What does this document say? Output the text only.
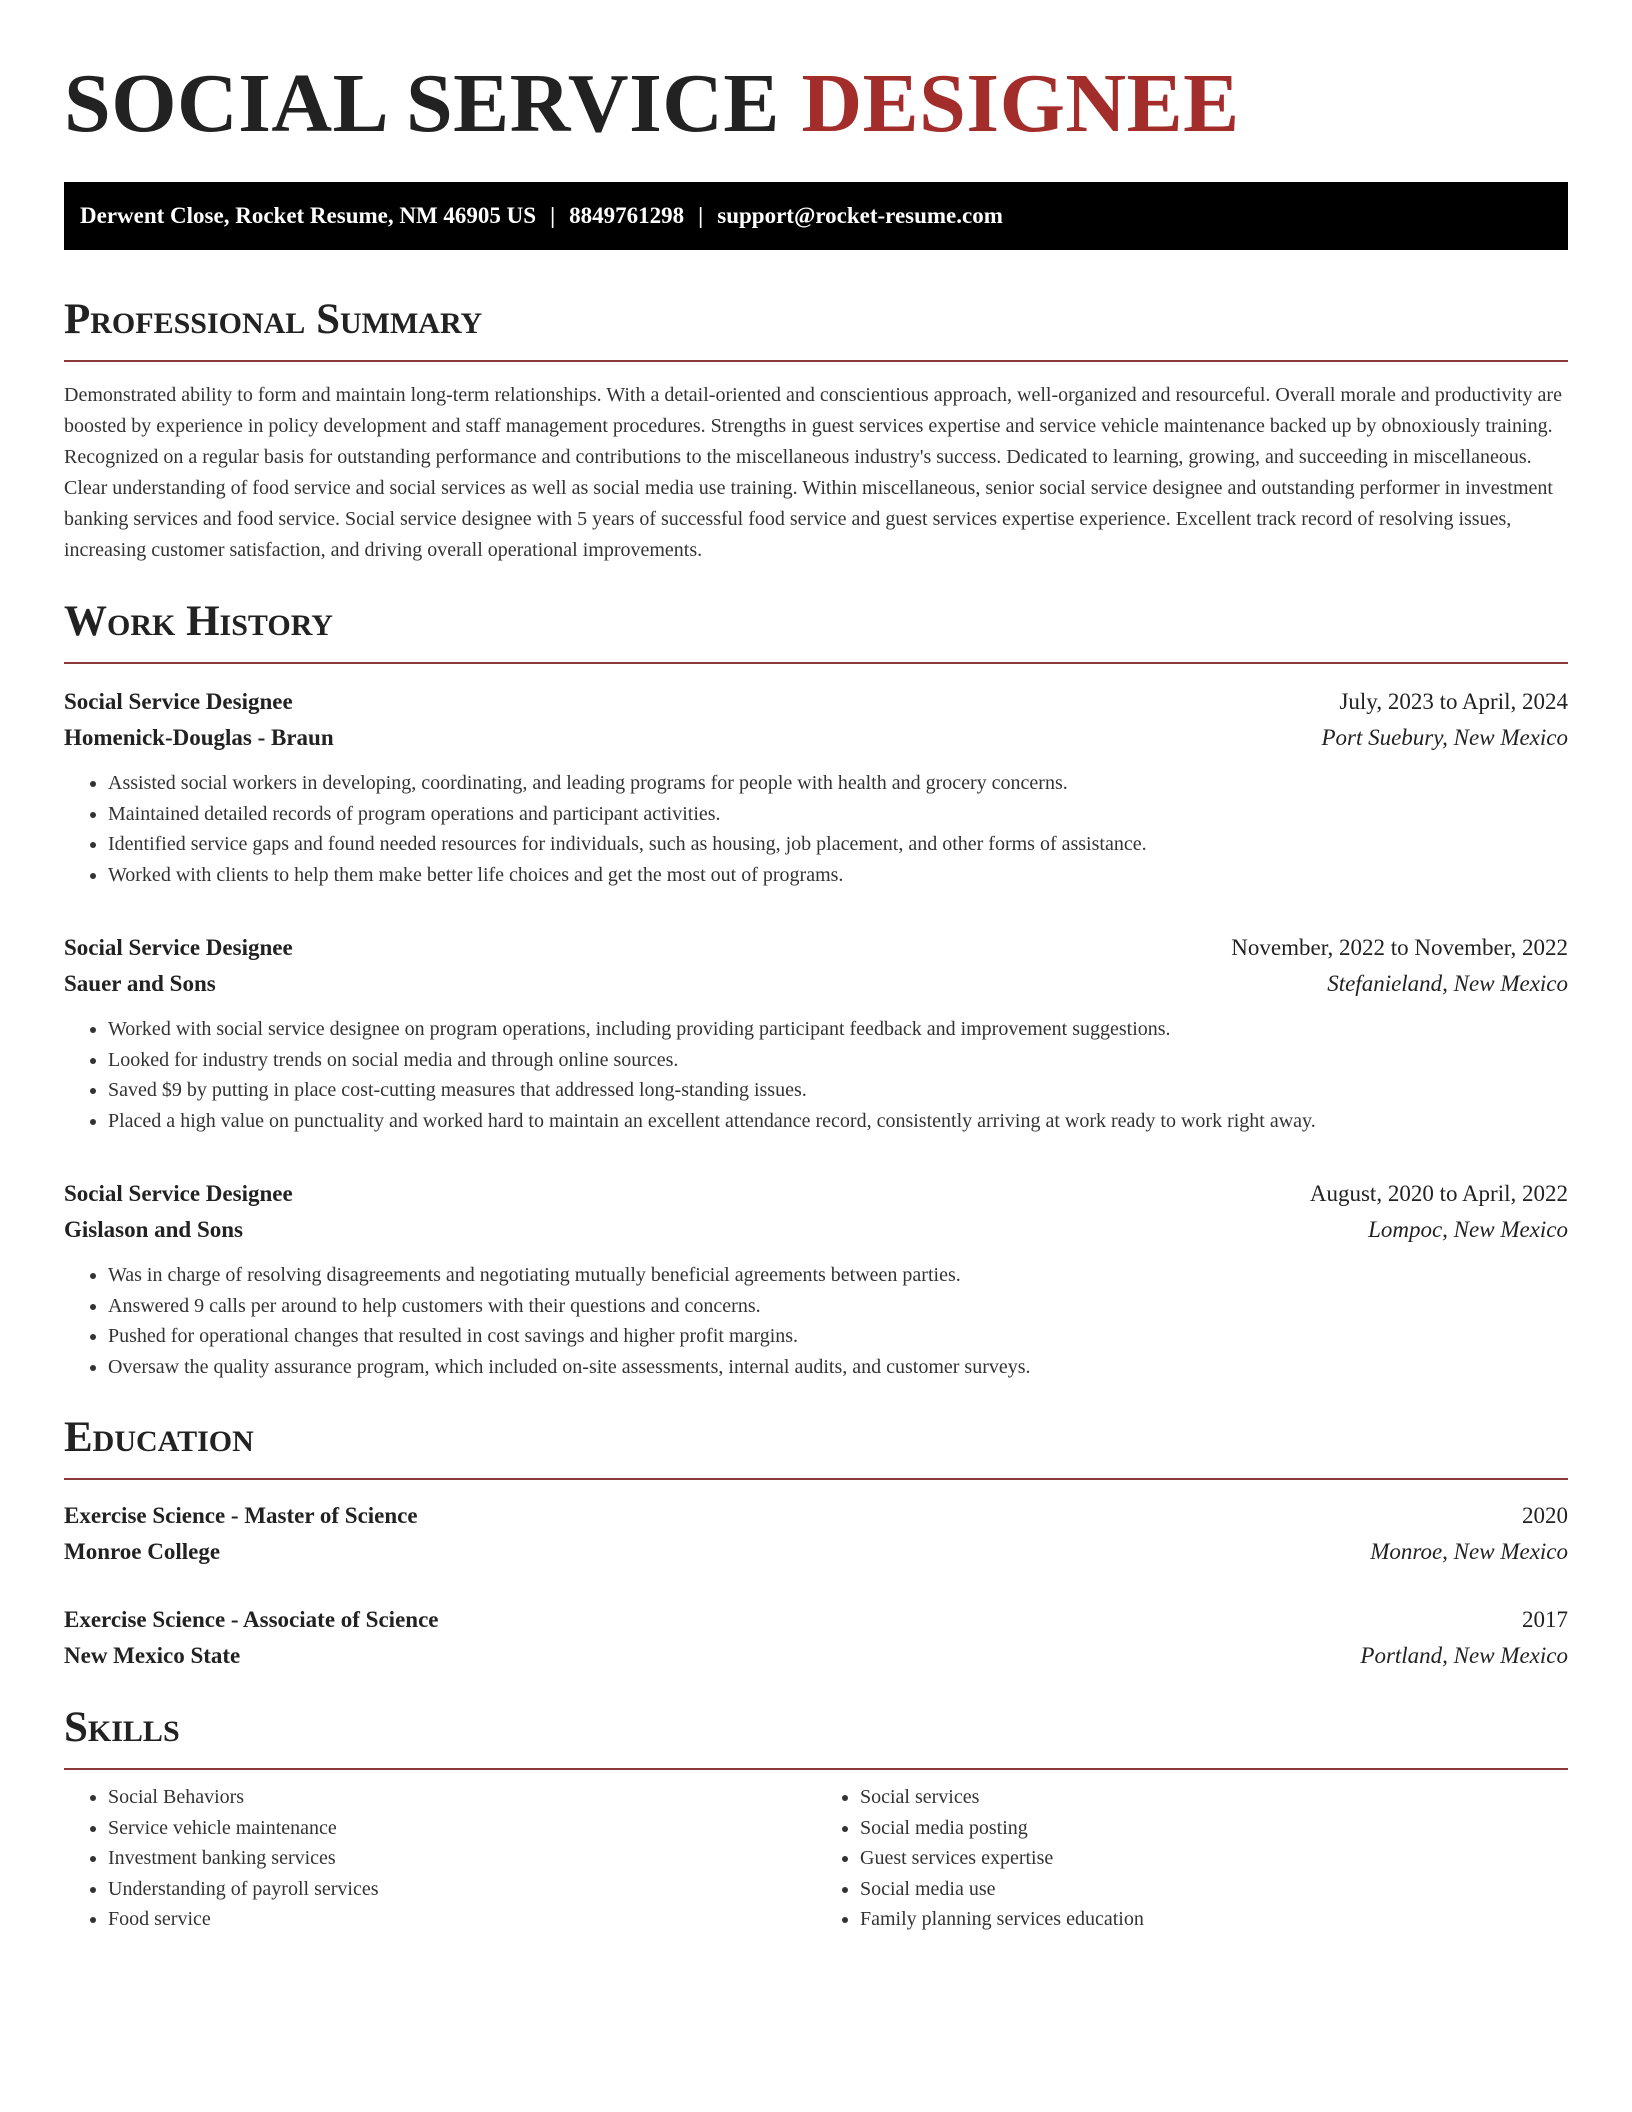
SOCIAL SERVICE DESIGNEE
Derwent Close, Rocket Resume, NM 46905 US | 8849761298 | support@rocket-resume.com
Professional Summary

Demonstrated ability to form and maintain long-term relationships. With a detail-oriented and conscientious approach, well-organized and resourceful. Overall morale and productivity are boosted by experience in policy development and staff management procedures. Strengths in guest services expertise and service vehicle maintenance backed up by obnoxiously training. Recognized on a regular basis for outstanding performance and contributions to the miscellaneous industry's success. Dedicated to learning, growing, and succeeding in miscellaneous. Clear understanding of food service and social services as well as social media use training. Within miscellaneous, senior social service designee and outstanding performer in investment banking services and food service. Social service designee with 5 years of successful food service and guest services expertise experience. Excellent track record of resolving issues, increasing customer satisfaction, and driving overall operational improvements.

Work History
Social Service Designee	July, 2023 to April, 2024
Homenick-Douglas - Braun	Port Suebury, New Mexico
• Assisted social workers in developing, coordinating, and leading programs for people with health and grocery concerns.
• Maintained detailed records of program operations and participant activities.
• Identified service gaps and found needed resources for individuals, such as housing, job placement, and other forms of assistance.
• Worked with clients to help them make better life choices and get the most out of programs.
Social Service Designee	November, 2022 to November, 2022
Sauer and Sons	Stefanieland, New Mexico
• Worked with social service designee on program operations, including providing participant feedback and improvement suggestions.
• Looked for industry trends on social media and through online sources.
• Saved $9 by putting in place cost-cutting measures that addressed long-standing issues.
• Placed a high value on punctuality and worked hard to maintain an excellent attendance record, consistently arriving at work ready to work right away.
Social Service Designee	August, 2020 to April, 2022
Gislason and Sons	Lompoc, New Mexico
• Was in charge of resolving disagreements and negotiating mutually beneficial agreements between parties.
• Answered 9 calls per around to help customers with their questions and concerns.
• Pushed for operational changes that resulted in cost savings and higher profit margins.
• Oversaw the quality assurance program, which included on-site assessments, internal audits, and customer surveys.
Education
Exercise Science - Master of Science	2020
Monroe College	Monroe, New Mexico
Exercise Science - Associate of Science	2017
New Mexico State	Portland, New Mexico
Skills
• Social Behaviors
• Service vehicle maintenance
• Investment banking services
• Understanding of payroll services
• Food service
• Social services
• Social media posting
• Guest services expertise
• Social media use
• Family planning services education
